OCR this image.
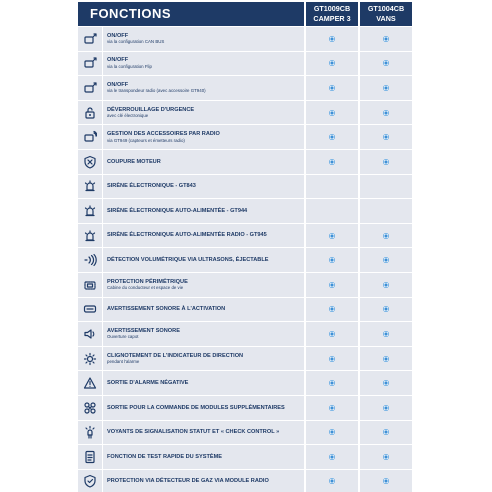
FONCTIONS	GT1009CB
CAMPER 3
GT1004CB
VANS
ON/OFF
via la configuration CAN BUS
ON/OFF
via la configuration Flip
ON/OFF
via le transpondeur radio (avec accessoire GT940)
DÉVERROUILLAGE D'URGENCE
avec clé électronique
GESTION DES ACCESSOIRES PAR RADIO
via GT949 (capteurs et émetteurs radio)
COUPURE MOTEUR
SIRÈNE ÉLECTRONIQUE - GT843
SIRÈNE ÉLECTRONIQUE AUTO-ALIMENTÉE - GT944
SIRÈNE ÉLECTRONIQUE AUTO-ALIMENTÉE RADIO - GT945
DÉTECTION VOLUMÉTRIQUE VIA ULTRASONS, ÉJECTABLE
PROTECTION PÉRIMÉTRIQUE
Cabine du conducteur et espace de vie
AVERTISSEMENT SONORE À L'ACTIVATION
AVERTISSEMENT SONORE
Ouverture capot
CLIGNOTEMENT DE L'INDICATEUR DE DIRECTION
pendant l'alarme
SORTIE D'ALARME NÉGATIVE
SORTIE POUR LA COMMANDE DE MODULES SUPPLÉMENTAIRES
VOYANTS DE SIGNALISATION STATUT ET « CHECK CONTROL »
FONCTION DE TEST RAPIDE DU SYSTÈME
PROTECTION VIA DÉTECTEUR DE GAZ VIA MODULE RADIO
